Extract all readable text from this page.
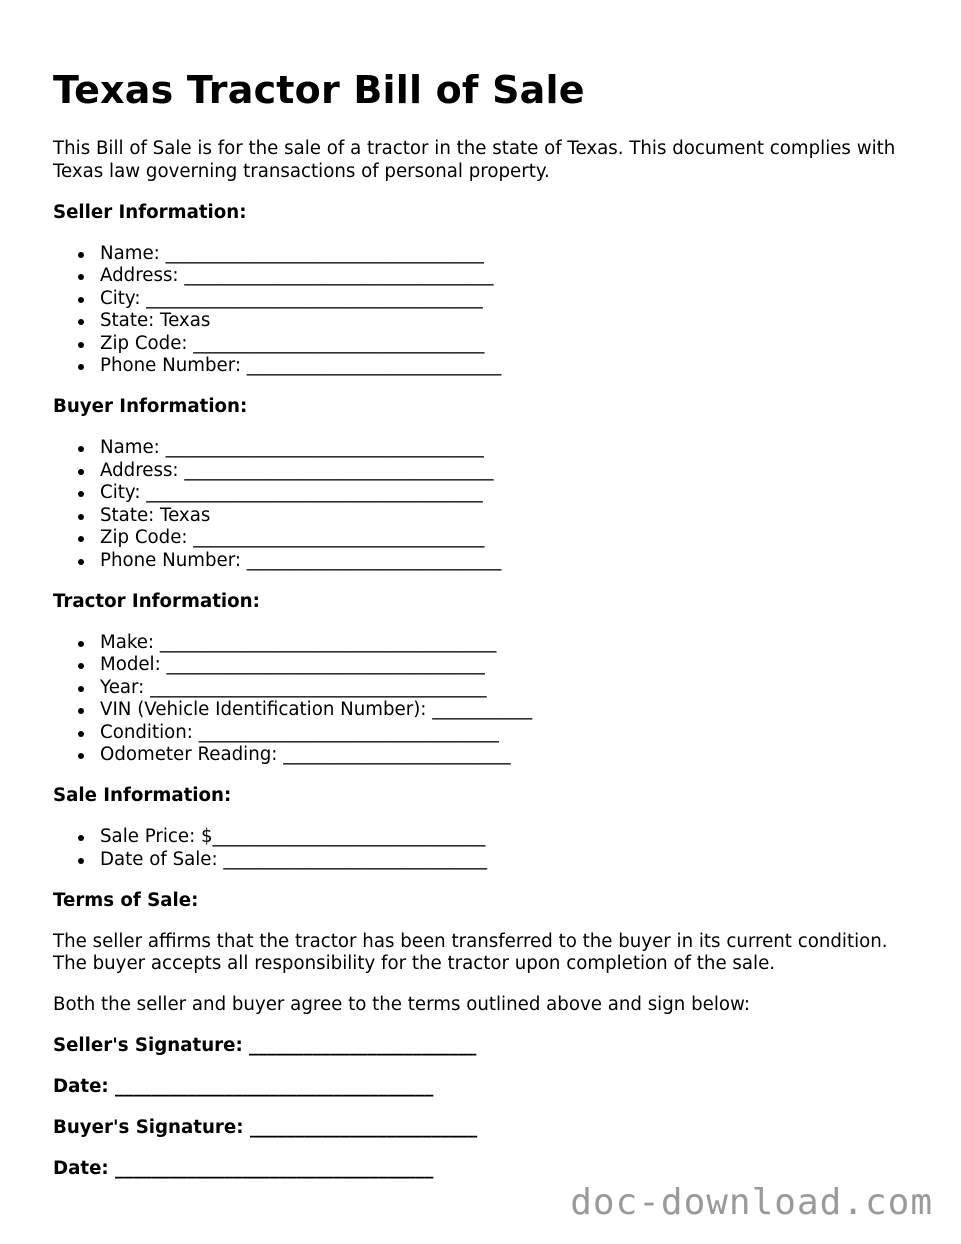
Texas Tractor Bill of Sale

This Bill of Sale is for the sale of a tractor in the state of Texas. This document complies with Texas law governing transactions of personal property.

Seller Information:
Name: ___________________________________
Address: __________________________________
City: _____________________________________
State: Texas
Zip Code: ________________________________
Phone Number: ____________________________
Buyer Information:
Name: ___________________________________
Address: __________________________________
City: _____________________________________
State: Texas
Zip Code: ________________________________
Phone Number: ____________________________
Tractor Information:
Make: _____________________________________
Model: ___________________________________
Year: _____________________________________
VIN (Vehicle Identification Number): ___________
Condition: _________________________________
Odometer Reading: _________________________
Sale Information:
Sale Price: $______________________________
Date of Sale: _____________________________
Terms of Sale:

The seller affirms that the tractor has been transferred to the buyer in its current condition. The buyer accepts all responsibility for the tractor upon completion of the sale.

Both the seller and buyer agree to the terms outlined above and sign below:

Seller's Signature: _________________________
Date: ___________________________________
Buyer's Signature: _________________________
Date: ___________________________________
doc-download.com
